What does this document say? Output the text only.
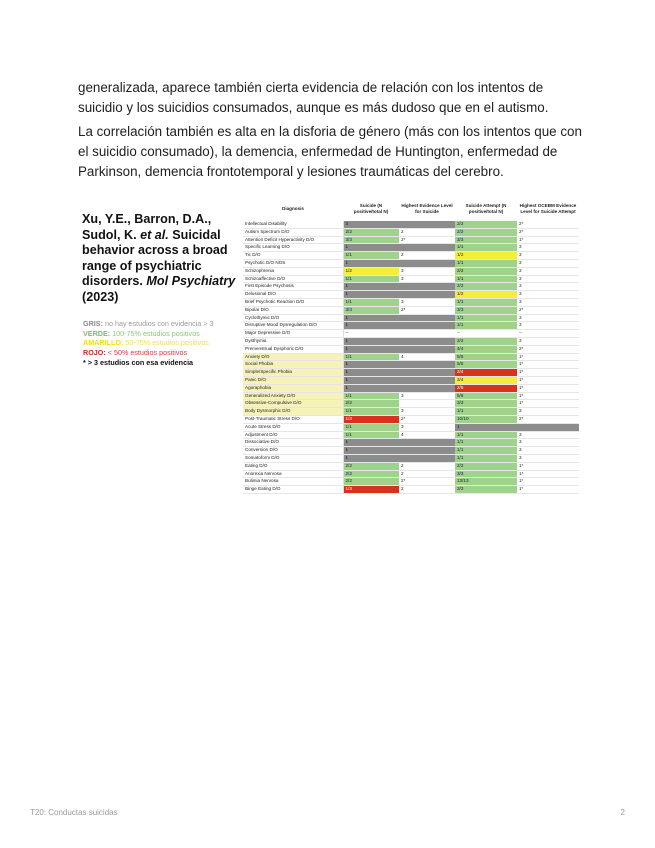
generalizada, aparece también cierta evidencia de relación con los intentos de suicidio y los suicidios consumados, aunque es más dudoso que en el autismo.

La correlación también es alta en la disforia de género (más con los intentos que con el suicidio consumado), la demencia, enfermedad de Huntington, enfermedad de Parkinson, demencia frontotemporal y lesiones traumáticas del cerebro.

Xu, Y.E., Barron, D.A., Sudol, K. et al. Suicidal behavior across a broad range of psychiatric disorders. Mol Psychiatry (2023)
GRIS: no hay estudios con evidencia > 3
VERDE: 100-75% estudios positivos
AMARILLO: 50-75% estudios positivos
ROJO: < 50% estudios positivos
* > 3 estudios con esa evidencia
Diagnosis	Suicide (N positive/total N)	Highest Evidence Level for Suicide	Suicide Attempt (N positive/total N)	Highest OCEBM Evidence Level for Suicide Attempt
Intellectual Disability	3		2/2	2*
Autism Spectrum D/O	2/2	2	2/2	2*
Attention Deficit Hyperactivity D/O	3/3	2*	3/3	1*
Specific Learning D/O	1		1/1	3
Tic D/O	1/1	2	1/2	3
Psychotic D/O NOS	1		1/1	3
Schizophrenia	1/2	3	2/2	3
Schizoaffective D/O	1/1	3	1/1	3
First Episode Psychosis	1		2/2	3
Delusional D/O	1		1/2	3
Brief Psychotic Reaction D/O	1/1	3	1/1	3
Bipolar D/O	3/3	2*	3/3	2*
Cyclothymic D/O	1		1/1	3
Disruptive Mood Dysregulation D/O	1		1/1	3
Major Depressive D/O	--		--	--
Dysthymia	1		2/2	3
Premenstrual Dysphoric D/O	1		4/4	2*
Anxiety D/O	1/1	4	5/5	1*
Social Phobia	1		5/5	1*
Simple/Specific Phobia	1		2/4	1*
Panic D/O	1		3/4	1*
Agoraphobia	1		2/5	1*
Generalized Anxiety D/O	1/1	3	5/6	1*
Obsessive-Compulsive D/O	2/2		3/3	1*
Body Dysmorphic D/O	1/1	3	1/1	3
Post-Traumatic Stress D/O	1/3	2*	10/10	2*
Acute Stress D/O	1/1	3	1	
Adjustment D/O	1/1	4	1/1	3
Dissociative D/O	1		1/1	3
Conversion D/O	1		1/1	3
Somatoform D/O	1		1/1	3
Eating D/O	2/2	2	2/2	1*
Anorexia Nervosa	2/2	2	3/3	1*
Bulimia Nervosa	2/2	2*	13/13	1*
Binge Eating D/O	1/3	2	3/3	1*
T20: Conductas suicidas	2
